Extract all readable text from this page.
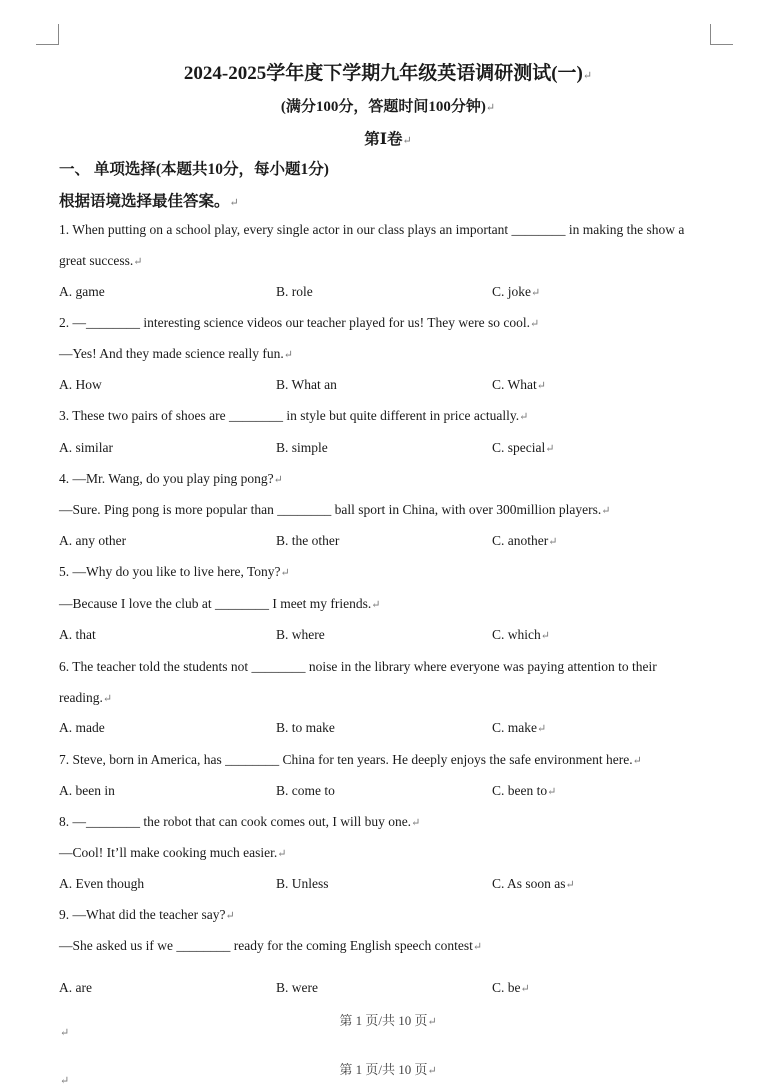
2024-2025学年度下学期九年级英语调研测试(一)↵
(满分100分，答题时间100分钟)↵
第Ⅰ卷↵
一、 单项选择(本题共10分，每小题1分)
根据语境选择最佳答案。↵
1. When putting on a school play, every single actor in our class plays an important ________ in making the show a great success.↵
A. game	B. role	C. joke↵
2. —________ interesting science videos our teacher played for us! They were so cool.↵
—Yes! And they made science really fun.↵
A. How	B. What an	C. What↵
3. These two pairs of shoes are ________ in style but quite different in price actually.↵
A. similar	B. simple	C. special↵
4. —Mr. Wang, do you play ping pong?↵
—Sure. Ping pong is more popular than ________ ball sport in China, with over 300million players.↵
A. any other	B. the other	C. another↵
5. —Why do you like to live here, Tony?↵
—Because I love the club at ________ I meet my friends.↵
A. that	B. where	C. which↵
6. The teacher told the students not ________ noise in the library where everyone was paying attention to their reading.↵
A. made	B. to make	C. make↵
7. Steve, born in America, has ________ China for ten years. He deeply enjoys the safe environment here.↵
A. been in	B. come to	C. been to↵
8. —________ the robot that can cook comes out, I will buy one.↵
—Cool! It’ll make cooking much easier.↵
A. Even though	B. Unless	C. As soon as↵
9. —What did the teacher say?↵
—She asked us if we ________ ready for the coming English speech contest↵
A. are	B. were	C. be↵
第 1 页/共 10 页↵
↵
第 1 页/共 10 页↵
↵
